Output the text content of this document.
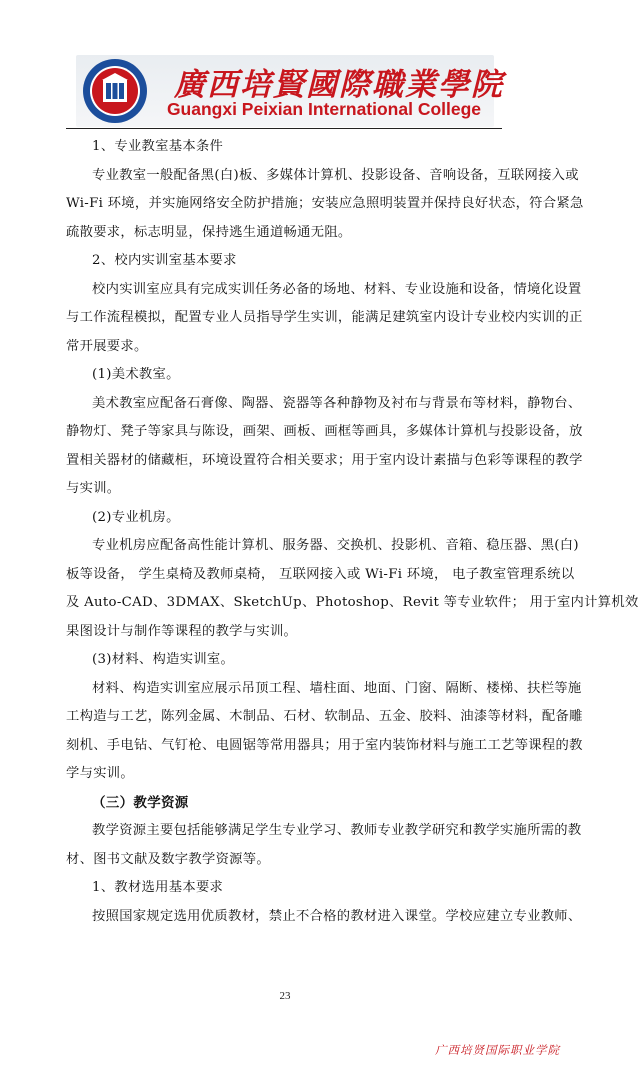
廣西培賢國際職業學院
Guangxi Peixian International College
1、专业教室基本条件
专业教室一般配备黑(白)板、多媒体计算机、投影设备、音响设备，互联网接入或
Wi-Fi 环境，并实施网络安全防护措施；安装应急照明装置并保持良好状态，符合紧急
疏散要求，标志明显，保持逃生通道畅通无阻。
2、校内实训室基本要求
校内实训室应具有完成实训任务必备的场地、材料、专业设施和设备，情境化设置
与工作流程模拟，配置专业人员指导学生实训，能满足建筑室内设计专业校内实训的正
常开展要求。
(1)美术教室。
美术教室应配备石膏像、陶器、瓷器等各种静物及衬布与背景布等材料，静物台、
静物灯、凳子等家具与陈设，画架、画板、画框等画具，多媒体计算机与投影设备，放
置相关器材的储藏柜，环境设置符合相关要求；用于室内设计素描与色彩等课程的教学
与实训。
(2)专业机房。
专业机房应配备高性能计算机、服务器、交换机、投影机、音箱、稳压器、黑(白)
板等设备， 学生桌椅及教师桌椅， 互联网接入或 Wi-Fi 环境， 电子教室管理系统以
及 Auto-CAD、3DMAX、SketchUp、Photoshop、Revit 等专业软件； 用于室内计算机效
果图设计与制作等课程的教学与实训。
(3)材料、构造实训室。
材料、构造实训室应展示吊顶工程、墙柱面、地面、门窗、隔断、楼梯、扶栏等施
工构造与工艺，陈列金属、木制品、石材、软制品、五金、胶料、油漆等材料，配备雕
刻机、手电钻、气钉枪、电圆锯等常用器具；用于室内装饰材料与施工工艺等课程的教
学与实训。
（三）教学资源
教学资源主要包括能够满足学生专业学习、教师专业教学研究和教学实施所需的教
材、图书文献及数字教学资源等。
1、教材选用基本要求
按照国家规定选用优质教材，禁止不合格的教材进入课堂。学校应建立专业教师、
23
广西培贤国际职业学院
